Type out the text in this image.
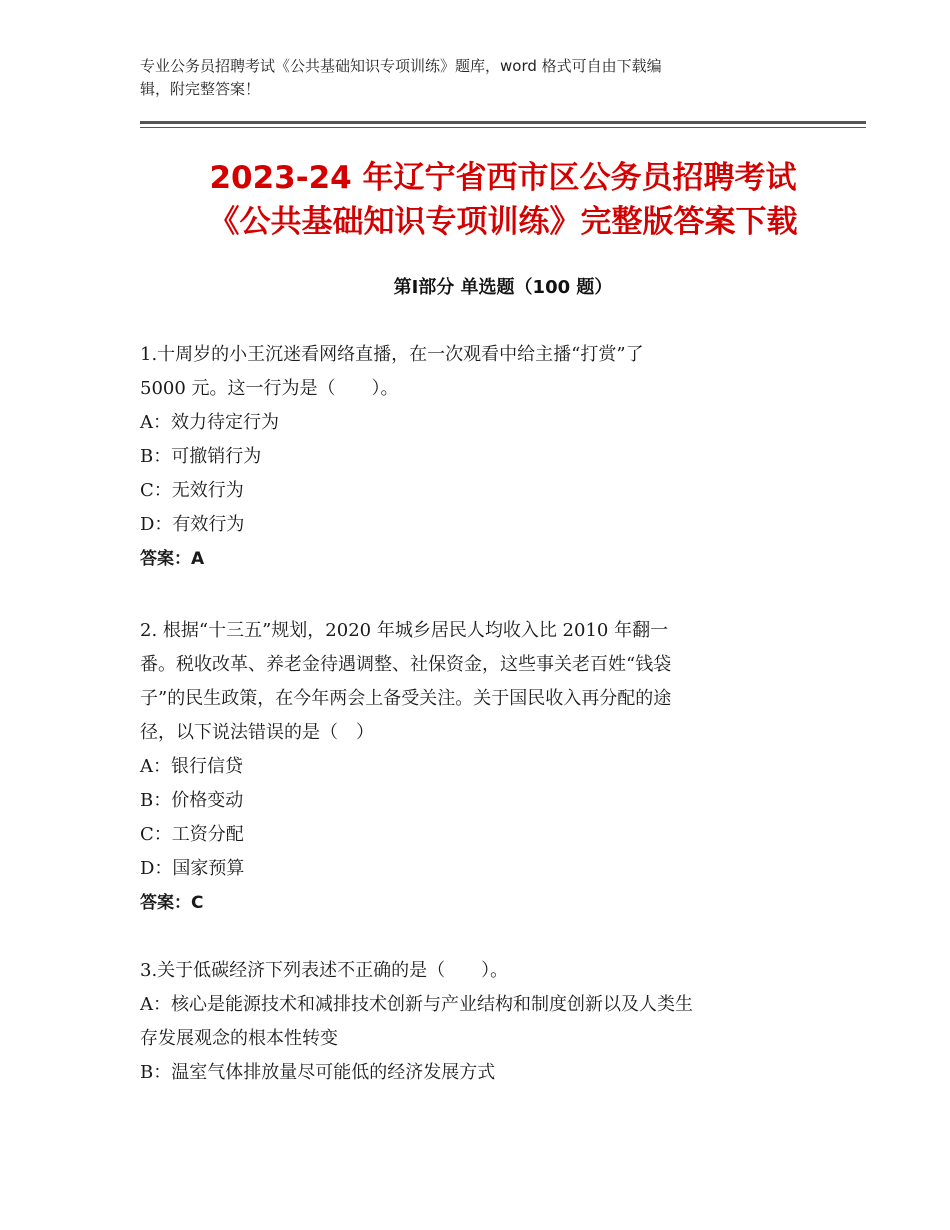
专业公务员招聘考试《公共基础知识专项训练》题库，word 格式可自由下载编
辑，附完整答案！
2023-24 年辽宁省西市区公务员招聘考试
《公共基础知识专项训练》完整版答案下载
第Ⅰ部分 单选题（100 题）
1.十周岁的小王沉迷看网络直播，在一次观看中给主播“打赏”了
5000 元。这一行为是（　　）。
A：效力待定行为
B：可撤销行为
C：无效行为
D：有效行为
答案：A
2. 根据“十三五”规划，2020 年城乡居民人均收入比 2010 年翻一
番。税收改革、养老金待遇调整、社保资金，这些事关老百姓“钱袋
子”的民生政策，在今年两会上备受关注。关于国民收入再分配的途
径，以下说法错误的是（　）
A：银行信贷
B：价格变动
C：工资分配
D：国家预算
答案：C
3.关于低碳经济下列表述不正确的是（　　）。
A：核心是能源技术和减排技术创新与产业结构和制度创新以及人类生
存发展观念的根本性转变
B：温室气体排放量尽可能低的经济发展方式
